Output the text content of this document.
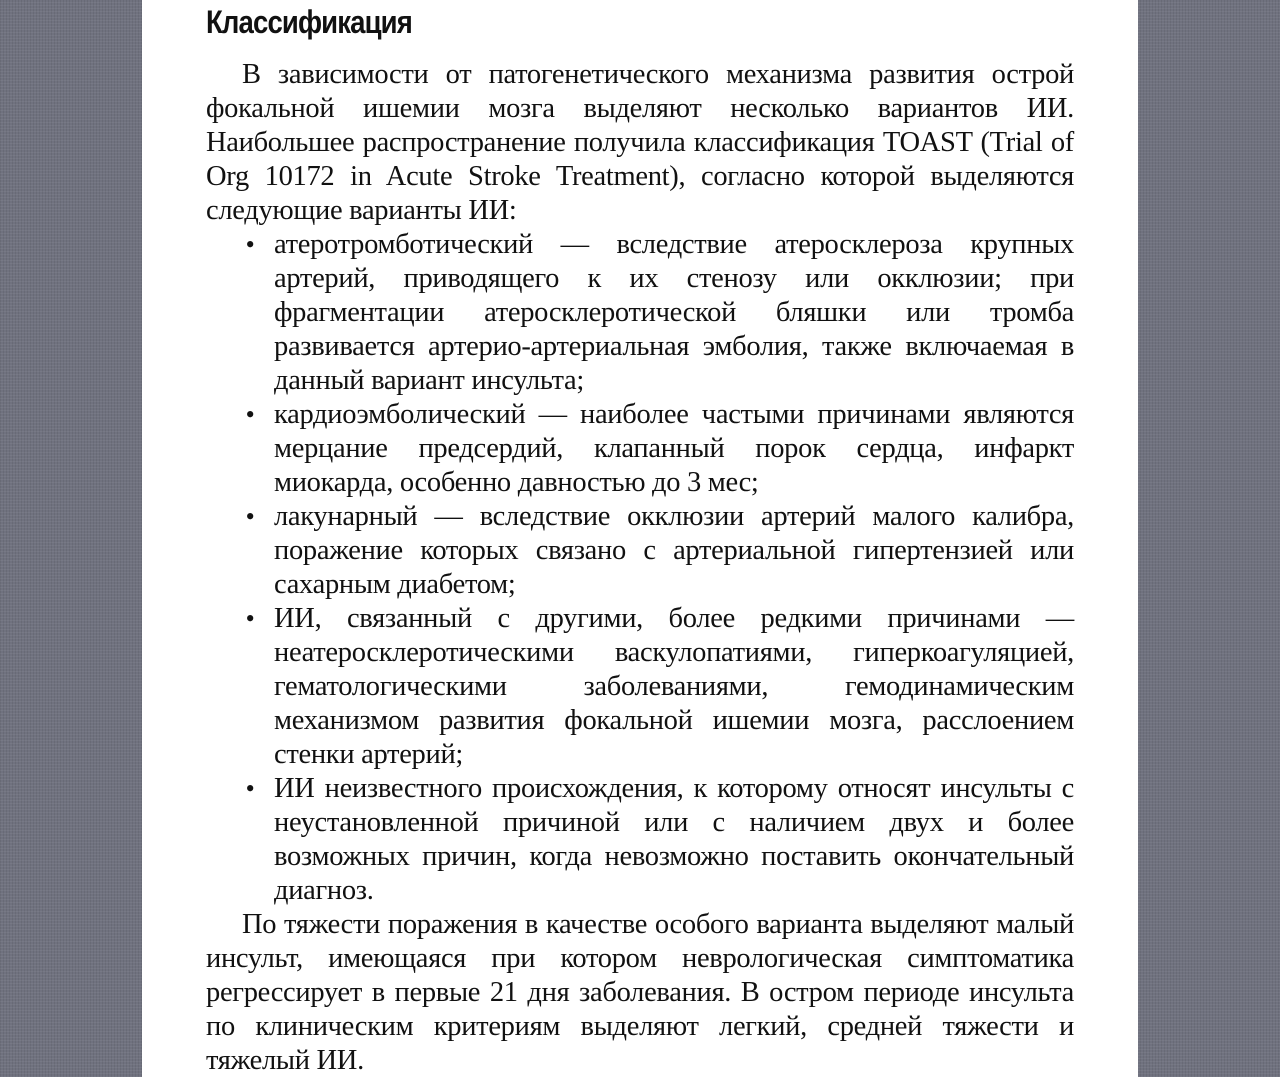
Классификация

В зависимости от патогенетического механизма развития острой фокальной ишемии мозга выделяют несколько вариантов ИИ. Наибольшее распространение получила классификация TOAST (Trial of Org 10172 in Acute Stroke Treatment), согласно которой выделяются следующие варианты ИИ:

• атеротромботический — вследствие атеросклероза крупных артерий, приводящего к их стенозу или окклюзии; при фрагментации атеросклеротической бляшки или тромба развивается артерио-артериальная эмболия, также включаемая в данный вариант инсульта;
• кардиоэмболический — наиболее частыми причинами являются мерцание предсердий, клапанный порок сердца, инфаркт миокарда, особенно давностью до 3 мес;
• лакунарный — вследствие окклюзии артерий малого калибра, поражение которых связано с артериальной гипертензией или сахарным диабетом;
• ИИ, связанный с другими, более редкими причинами — неатеросклеротическими васкулопатиями, гиперкоагуляцией, гематологическими заболеваниями, гемодинамическим механизмом развития фокальной ишемии мозга, расслоением стенки артерий;
• ИИ неизвестного происхождения, к которому относят инсульты с неустановленной причиной или с наличием двух и более возможных причин, когда невозможно поставить окончательный диагноз.

По тяжести поражения в качестве особого варианта выделяют малый инсульт, имеющаяся при котором неврологическая симптоматика регрессирует в первые 21 дня заболевания. В остром периоде инсульта по клиническим критериям выделяют легкий, средней тяжести и тяжелый ИИ.
